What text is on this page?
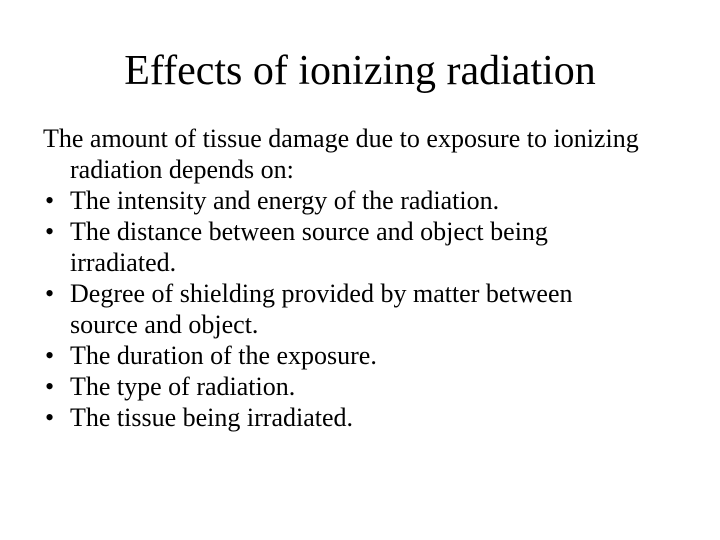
Effects of ionizing radiation

The amount of tissue damage due to exposure to ionizing radiation depends on:

• The intensity and energy of the radiation.
• The distance between source and object being irradiated.
• Degree of shielding provided by matter between source and object.
• The duration of the exposure.
• The type of radiation.
• The tissue being irradiated.
